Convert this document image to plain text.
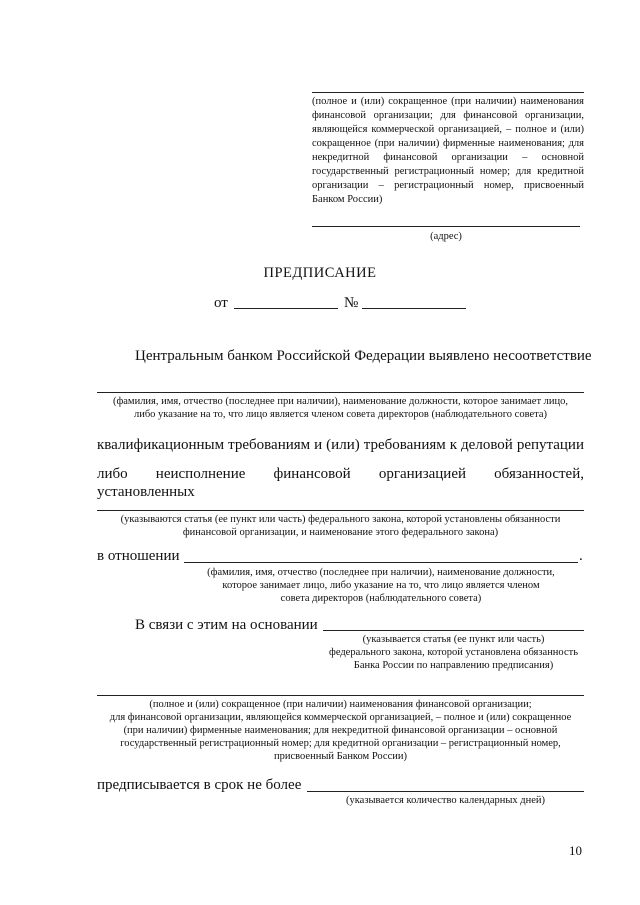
(полное и (или) сокращенное (при наличии) наименования
финансовой организации; для финансовой организации,
являющейся коммерческой организацией, – полное и (или)
сокращенное (при наличии) фирменные наименования; для
некредитной финансовой организации – основной
государственный регистрационный номер; для кредитной
организации – регистрационный номер, присвоенный
Банком России)
(адрес)
ПРЕДПИСАНИЕ
от	№
Центральным банком Российской Федерации выявлено несоответствие
(фамилия, имя, отчество (последнее при наличии), наименование должности, которое занимает лицо,
либо указание на то, что лицо является членом совета директоров (наблюдательного совета)
квалификационным требованиям и (или) требованиям к деловой репутации
либо неисполнение финансовой организацией обязанностей, установленных
(указываются статья (ее пункт или часть) федерального закона, которой установлены обязанности
финансовой организации, и наименование этого федерального закона)
в отношении	.
(фамилия, имя, отчество (последнее при наличии), наименование должности,
которое занимает лицо, либо указание на то, что лицо является членом
совета директоров (наблюдательного совета)
В связи с этим на основании
(указывается статья (ее пункт или часть)
федерального закона, которой установлена обязанность
Банка России по направлению предписания)
(полное и (или) сокращенное (при наличии) наименования финансовой организации;
для финансовой организации, являющейся коммерческой организацией, – полное и (или) сокращенное
(при наличии) фирменные наименования; для некредитной финансовой организации – основной
государственный регистрационный номер; для кредитной организации – регистрационный номер,
присвоенный Банком России)
предписывается в срок не более
(указывается количество календарных дней)
10
